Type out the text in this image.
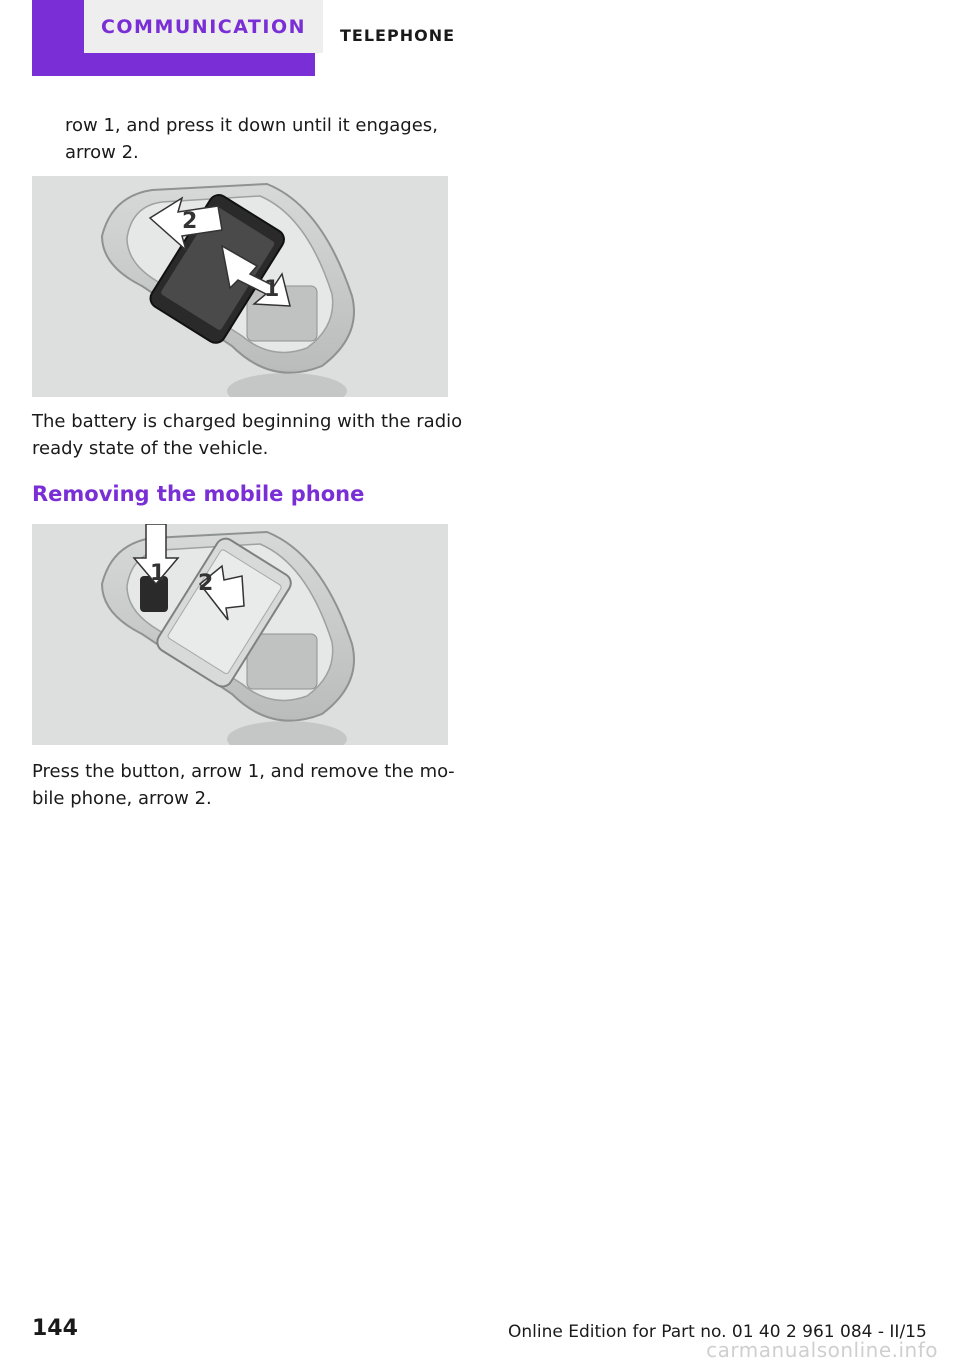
COMMUNICATION TELEPHONE
row 1, and press it down until it engages,
arrow 2.
2
1
The battery is charged beginning with the radio
ready state of the vehicle.
Removing the mobile phone
1 2
Press the button, arrow 1, and remove the mo‐
bile phone, arrow 2.
144	Online Edition for Part no. 01 40 2 961 084 - II/15
carmanualsonline.info
